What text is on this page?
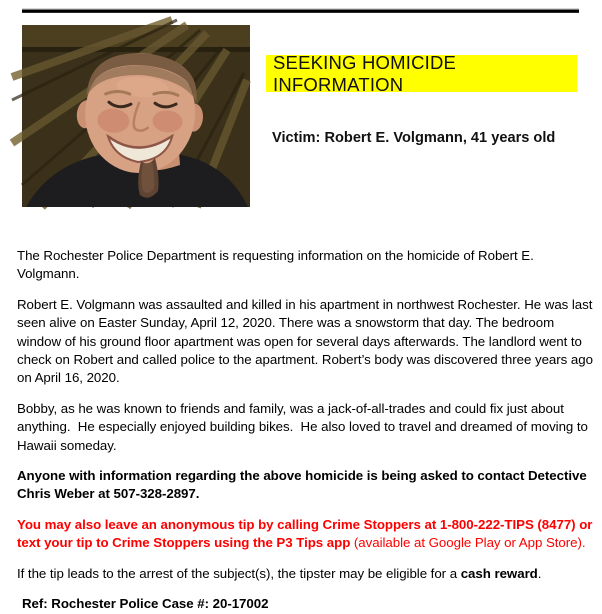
SEEKING HOMICIDE INFORMATION
Victim: Robert E. Volgmann, 41 years old

The Rochester Police Department is requesting information on the homicide of Robert E. Volgmann.

Robert E. Volgmann was assaulted and killed in his apartment in northwest Rochester. He was last seen alive on Easter Sunday, April 12, 2020. There was a snowstorm that day. The bedroom window of his ground floor apartment was open for several days afterwards. The landlord went to check on Robert and called police to the apartment. Robert’s body was discovered three years ago on April 16, 2020.

Bobby, as he was known to friends and family, was a jack-of-all-trades and could fix just about anything.  He especially enjoyed building bikes.  He also loved to travel and dreamed of moving to Hawaii someday.

Anyone with information regarding the above homicide is being asked to contact Detective Chris Weber at 507-328-2897.

You may also leave an anonymous tip by calling Crime Stoppers at 1-800-222-TIPS (8477) or text your tip to Crime Stoppers using the P3 Tips app (available at Google Play or App Store).

If the tip leads to the arrest of the subject(s), the tipster may be eligible for a cash reward.

Ref: Rochester Police Case #: 20-17002
